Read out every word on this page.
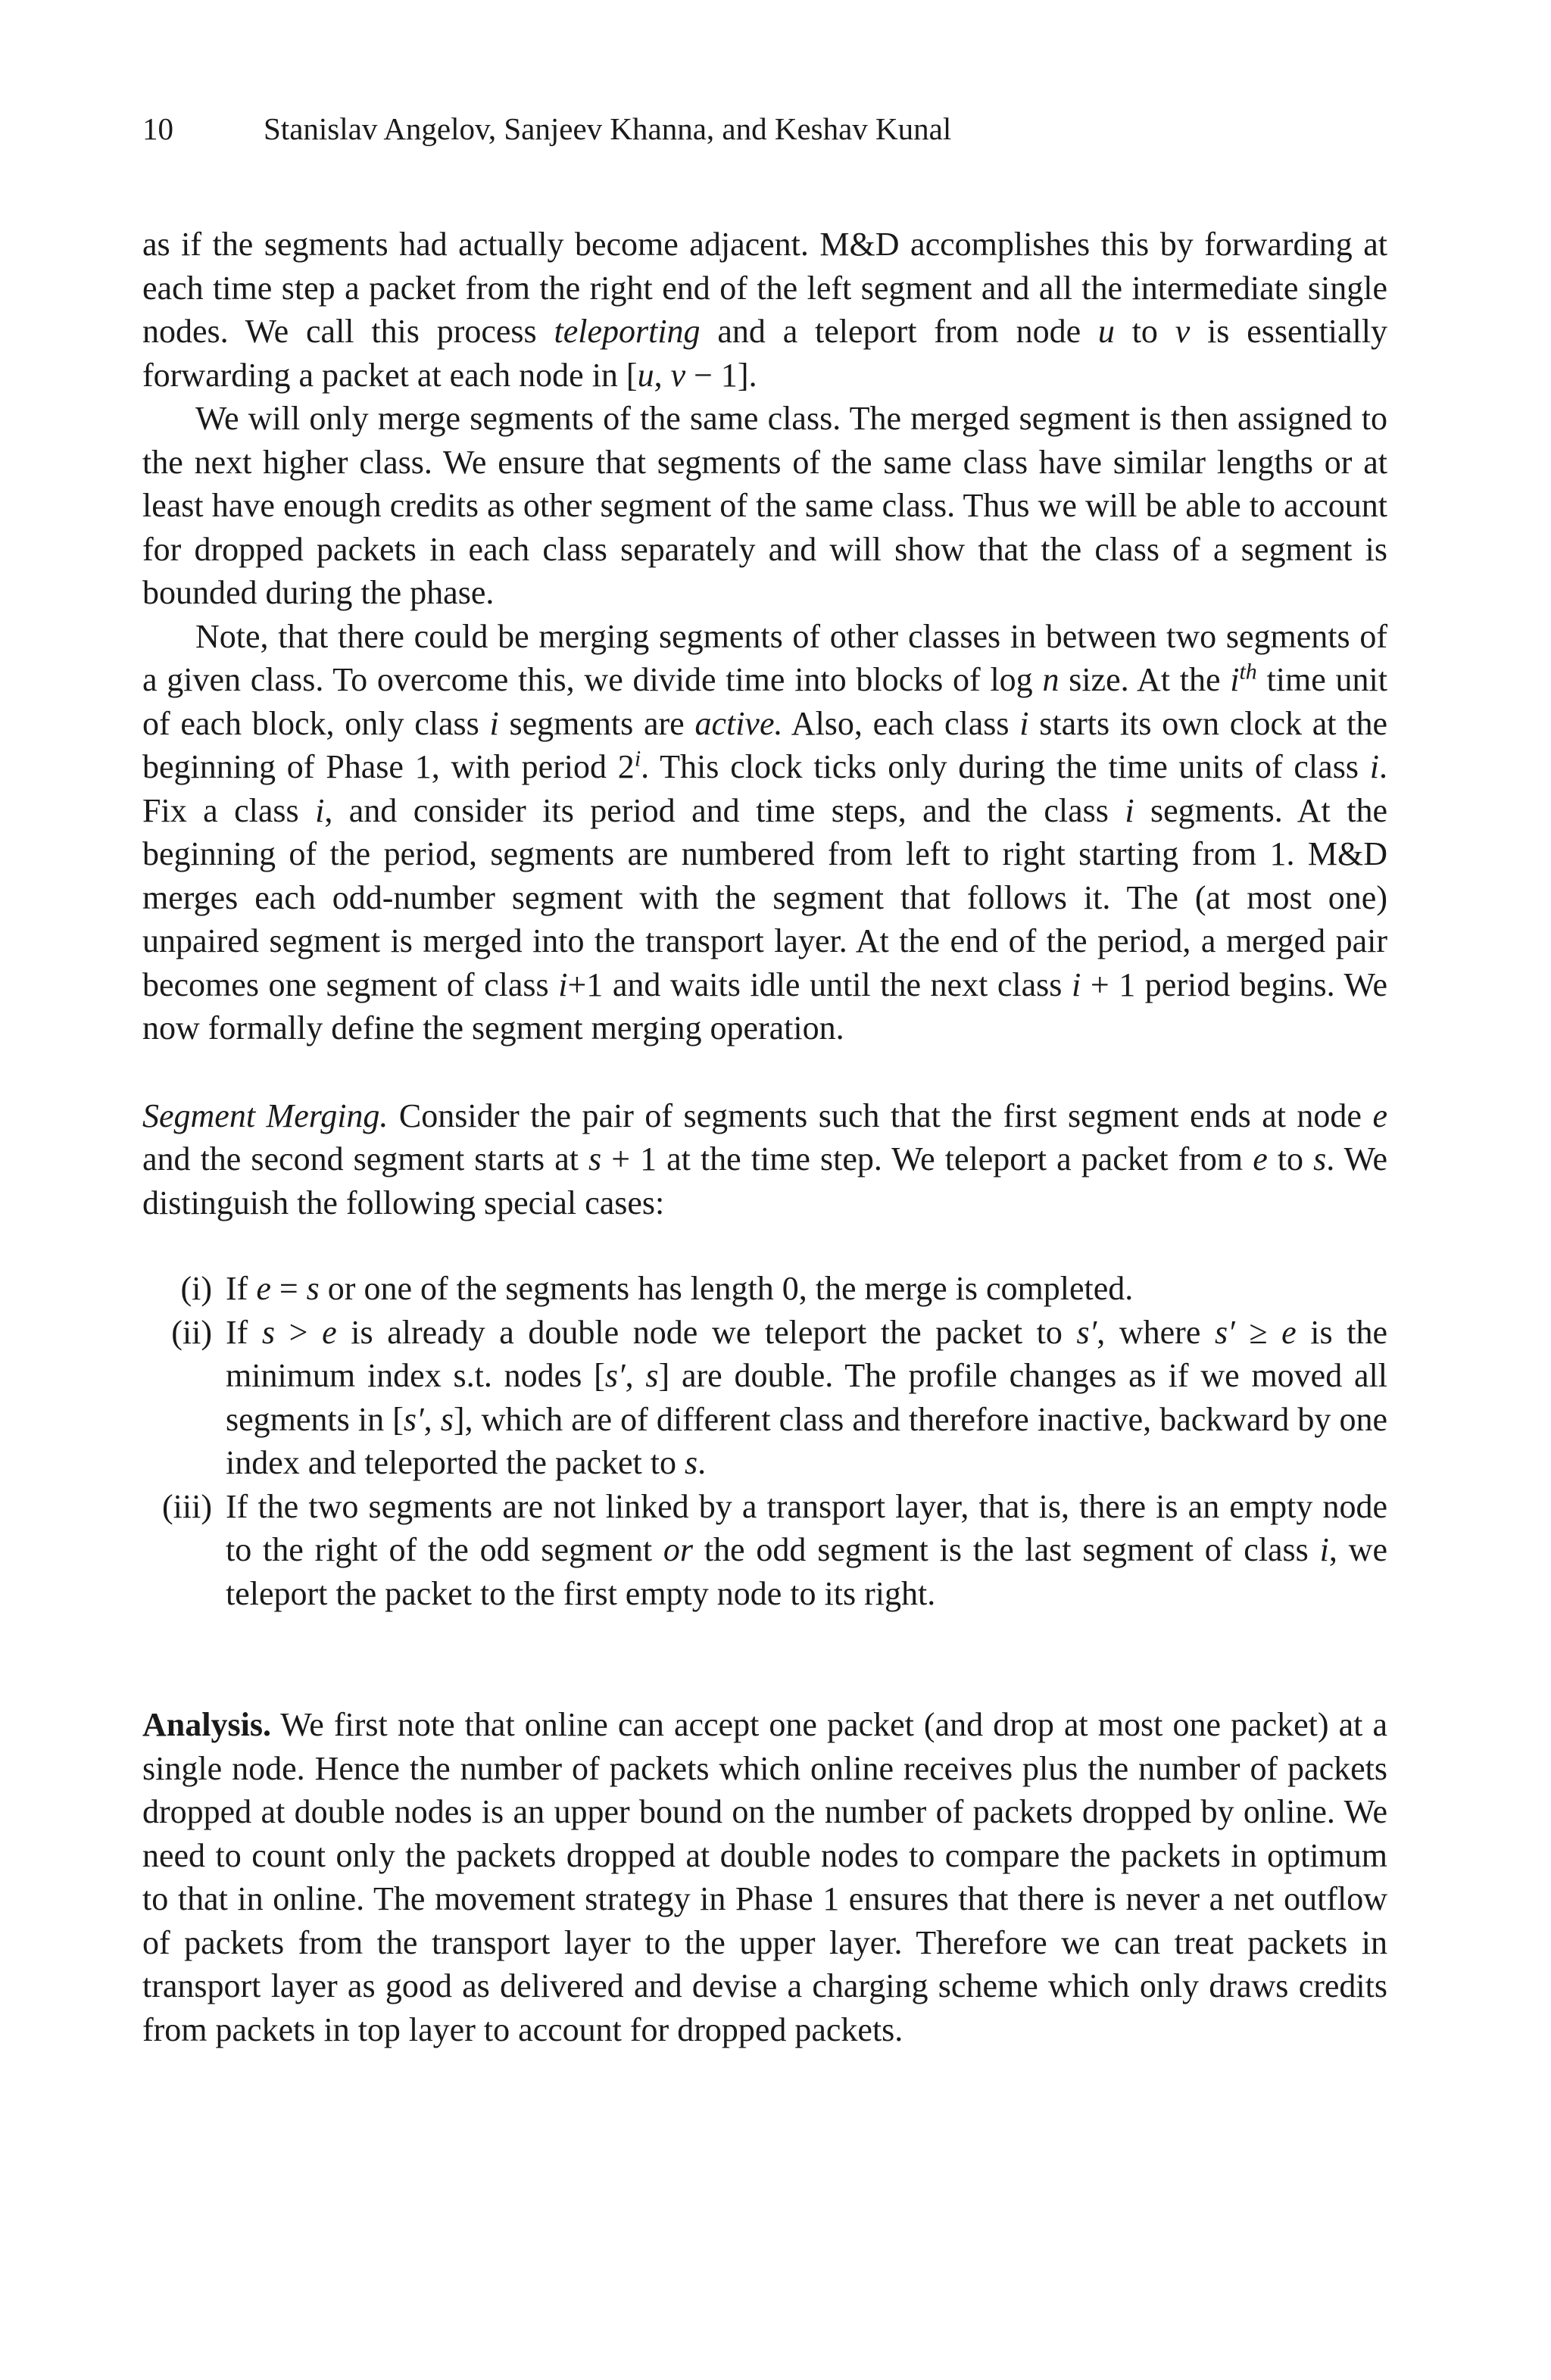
10	Stanislav Angelov, Sanjeev Khanna, and Keshav Kunal

as if the segments had actually become adjacent. M&D accomplishes this by forwarding at each time step a packet from the right end of the left segment and all the intermediate single nodes. We call this process teleporting and a teleport from node u to v is essentially forwarding a packet at each node in [u, v − 1].

We will only merge segments of the same class. The merged segment is then assigned to the next higher class. We ensure that segments of the same class have similar lengths or at least have enough credits as other segment of the same class. Thus we will be able to account for dropped packets in each class separately and will show that the class of a segment is bounded during the phase.

Note, that there could be merging segments of other classes in between two segments of a given class. To overcome this, we divide time into blocks of log n size. At the $i^{th}$ time unit of each block, only class i segments are active. Also, each class i starts its own clock at the beginning of Phase 1, with period 2$^i$. This clock ticks only during the time units of class i. Fix a class i, and consider its period and time steps, and the class i segments. At the beginning of the period, segments are numbered from left to right starting from 1. M&D merges each odd-number segment with the segment that follows it. The (at most one) unpaired segment is merged into the transport layer. At the end of the period, a merged pair becomes one segment of class i+1 and waits idle until the next class i + 1 period begins. We now formally define the segment merging operation.

Segment Merging. Consider the pair of segments such that the first segment ends at node e and the second segment starts at s + 1 at the time step. We teleport a packet from e to s. We distinguish the following special cases:

(i) If e = s or one of the segments has length 0, the merge is completed.
(ii) If s > e is already a double node we teleport the packet to s′, where s′ ≥ e is the minimum index s.t. nodes [s′, s] are double. The profile changes as if we moved all segments in [s′, s], which are of different class and therefore inactive, backward by one index and teleported the packet to s.
(iii) If the two segments are not linked by a transport layer, that is, there is an empty node to the right of the odd segment or the odd segment is the last segment of class i, we teleport the packet to the first empty node to its right.

Analysis. We first note that online can accept one packet (and drop at most one packet) at a single node. Hence the number of packets which online receives plus the number of packets dropped at double nodes is an upper bound on the number of packets dropped by online. We need to count only the packets dropped at double nodes to compare the packets in optimum to that in online. The movement strategy in Phase 1 ensures that there is never a net outflow of packets from the transport layer to the upper layer. Therefore we can treat packets in transport layer as good as delivered and devise a charging scheme which only draws credits from packets in top layer to account for dropped packets.
